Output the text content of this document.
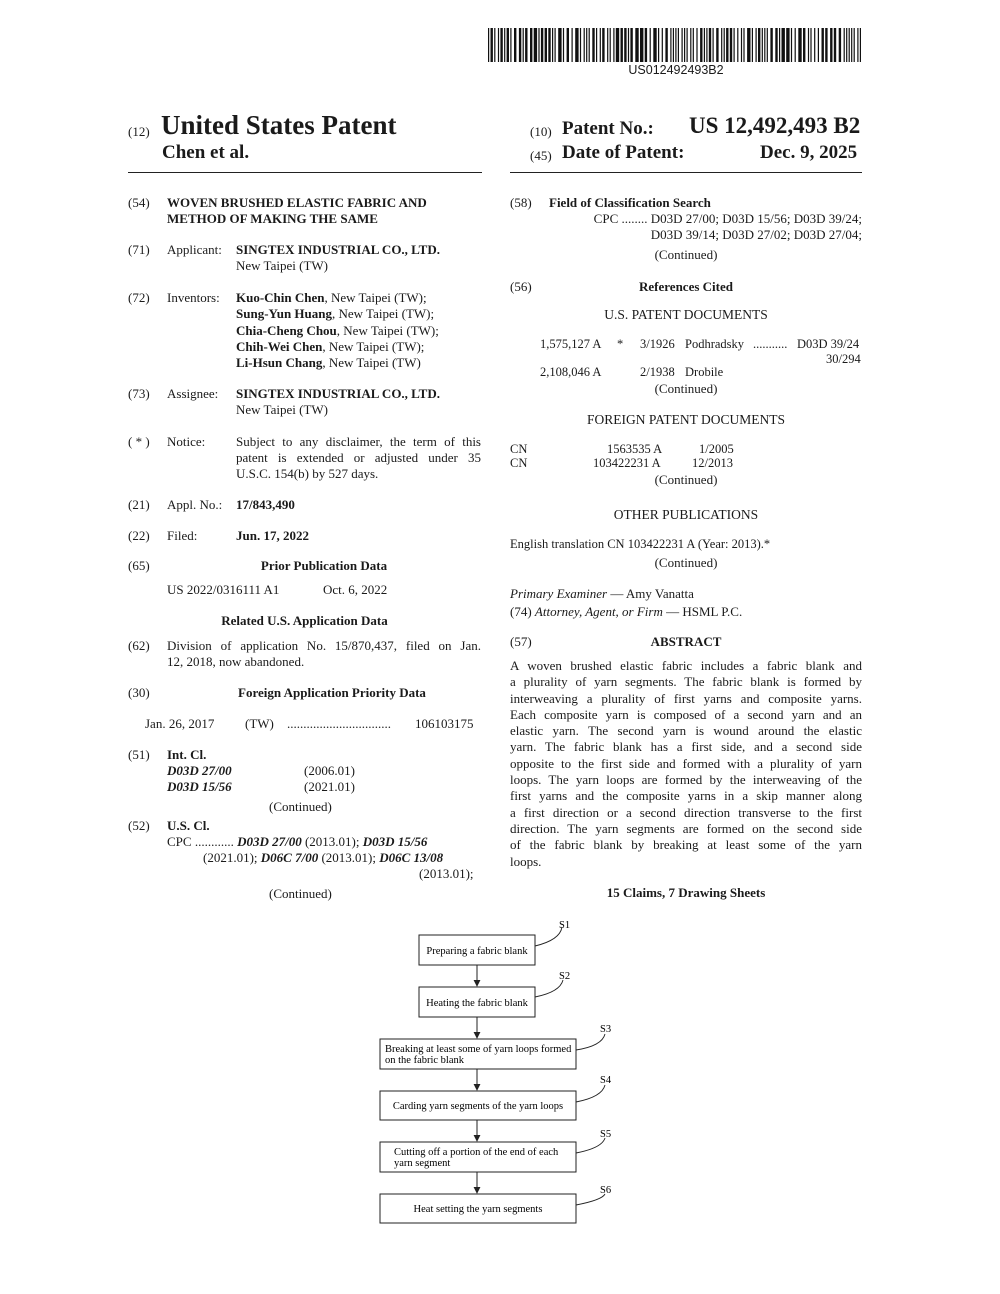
US012492493B2
(12) United States Patent
Chen et al.
(10) Patent No.: US 12,492,493 B2
(45) Date of Patent:	Dec. 9, 2025
(54) WOVEN BRUSHED ELASTIC FABRIC AND
METHOD OF MAKING THE SAME
(71) Applicant: SINGTEX INDUSTRIAL CO., LTD.
New Taipei (TW)
(72) Inventors: Kuo-Chin Chen, New Taipei (TW);
Sung-Yun Huang, New Taipei (TW);
Chia-Cheng Chou, New Taipei (TW);
Chih-Wei Chen, New Taipei (TW);
Li-Hsun Chang, New Taipei (TW)
(73) Assignee: SINGTEX INDUSTRIAL CO., LTD.
New Taipei (TW)
( * ) Notice: Subject to any disclaimer, the term of this
patent is extended or adjusted under 35
U.S.C. 154(b) by 527 days.
(21) Appl. No.: 17/843,490
(22) Filed:	Jun. 17, 2022
(65)	Prior Publication Data
US 2022/0316111 A1	Oct. 6, 2022
Related U.S. Application Data
(62) Division of application No. 15/870,437, filed on Jan.
12, 2018, now abandoned.
(30)	Foreign Application Priority Data
Jan. 26, 2017 (TW) ................................ 106103175
(51) Int. Cl.
D03D 27/00	(2006.01)
D03D 15/56	(2021.01)
(Continued)
(52) U.S. Cl.
CPC ............ D03D 27/00 (2013.01); D03D 15/56
(2021.01); D06C 7/00 (2013.01); D06C 13/08
(2013.01);
(Continued)
(58) Field of Classification Search
CPC ........ D03D 27/00; D03D 15/56; D03D 39/24;
D03D 39/14; D03D 27/02; D03D 27/04;
(Continued)
(56)	References Cited
U.S. PATENT DOCUMENTS
1,575,127 A * 3/1926 Podhradsky ........... D03D 39/24
30/294
2,108,046 A	2/1938 Drobile
(Continued)
FOREIGN PATENT DOCUMENTS
CN	1563535 A	1/2005
CN	103422231 A	12/2013
(Continued)
OTHER PUBLICATIONS
English translation CN 103422231 A (Year: 2013).*
(Continued)
Primary Examiner — Amy Vanatta
(74) Attorney, Agent, or Firm — HSML P.C.
(57)	ABSTRACT
A woven brushed elastic fabric includes a fabric blank and
a plurality of yarn segments. The fabric blank is formed by
interweaving a plurality of first yarns and composite yarns.
Each composite yarn is composed of a second yarn and an
elastic yarn. The second yarn is wound around the elastic
yarn. The fabric blank has a first side, and a second side
opposite to the first side and formed with a plurality of yarn
loops. The yarn loops are formed by the interweaving of the
first yarns and the composite yarns in a skip manner along
a first direction or a second direction transverse to the first
direction. The yarn segments are formed on the second side
of the fabric blank by breaking at least some of the yarn
loops.
15 Claims, 7 Drawing Sheets
Preparing a fabric blank
S1
Heating the fabric blank
S2
Breaking at least some of yarn loops formed
on the fabric blank
S3
Carding yarn segments of the yarn loops
S4
Cutting off a portion of the end of each
yarn segment
S5
Heat setting the yarn segments
S6
